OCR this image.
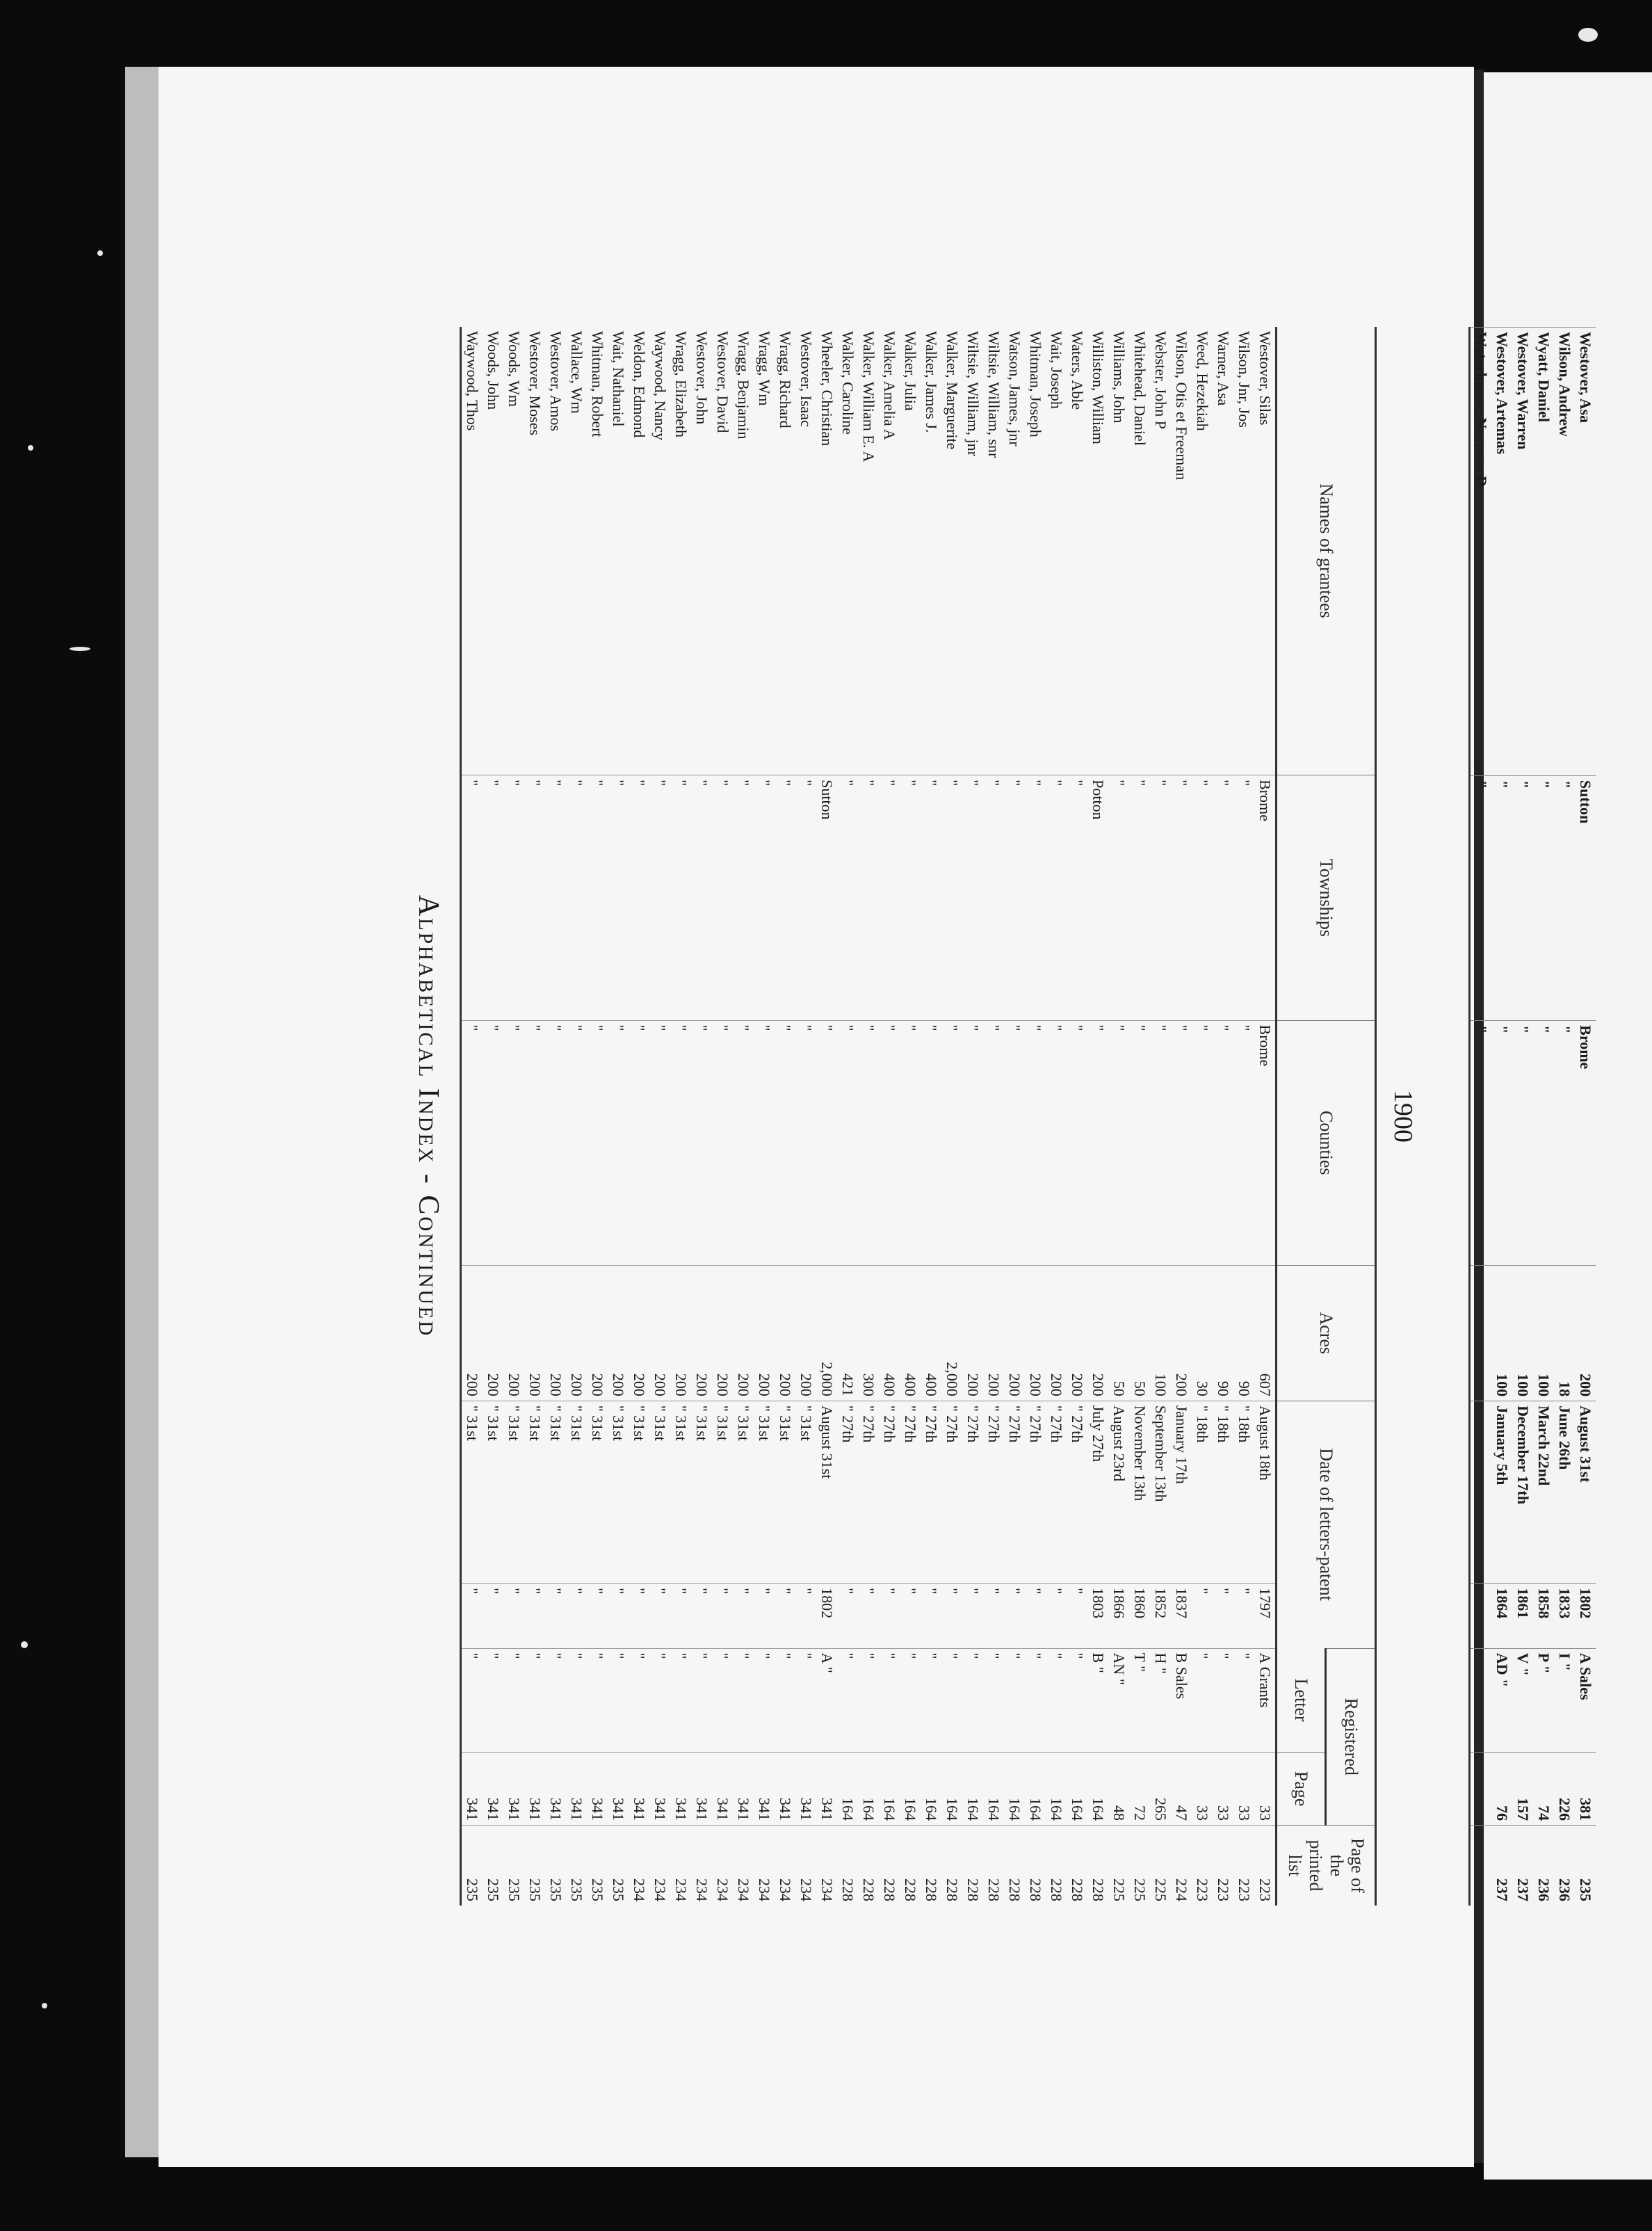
1900
Names of grantees	Townships	Counties	Acres	Date of letters-patent		Registered		Page of the printed list
						Letter	Page	
Westover, Silas	Brome	Brome	607	August 18th	1797	A Grants	33	223
Wilson, Jnr, Jos	"	"	90	" 18th	"	"	33	223
Warner, Asa	"	"	90	" 18th	"	"	33	223
Weed, Hezekiah	"	"	30	" 18th	"	"	33	223
Wilson, Otis et Freeman	"	"	200	January 17th	1837	B Sales	47	224
Webster, John P	"	"	100	September 13th	1852	H "	265	225
Whitehead, Daniel	"	"	50	November 13th	1860	T "	72	225
Williams, John	"	"	50	August 23rd	1866	AN "	48	225
Williston, William	Potton	"	200	July 27th	1803	B "	164	228
Waters, Able	"	"	200	" 27th	"	"	164	228
Wait, Joseph	"	"	200	" 27th	"	"	164	228
Whitman, Joseph	"	"	200	" 27th	"	"	164	228
Watson, James, jnr	"	"	200	" 27th	"	"	164	228
Wiltsie, William, snr	"	"	200	" 27th	"	"	164	228
Wiltsie, William, jnr	"	"	200	" 27th	"	"	164	228
Walker, Marguerite	"	"	2,000	" 27th	"	"	164	228
Walker, James J.	"	"	400	" 27th	"	"	164	228
Walker, Julia	"	"	400	" 27th	"	"	164	228
Walker, Amelia A	"	"	400	" 27th	"	"	164	228
Walker, William E. A	"	"	300	" 27th	"	"	164	228
Walker, Caroline	"	"	421	" 27th	"	"	164	228
Wheeler, Christian	Sutton	"	2,000	August 31st	1802	A "	341	234
Westover, Isaac	"	"	200	" 31st	"	"	341	234
Wragg, Richard	"	"	200	" 31st	"	"	341	234
Wragg, Wm	"	"	200	" 31st	"	"	341	234
Wragg, Benjamin	"	"	200	" 31st	"	"	341	234
Westover, David	"	"	200	" 31st	"	"	341	234
Westover, John	"	"	200	" 31st	"	"	341	234
Wragg, Elizabeth	"	"	200	" 31st	"	"	341	234
Waywood, Nancy	"	"	200	" 31st	"	"	341	234
Weldon, Edmond	"	"	200	" 31st	"	"	341	234
Wait, Nathaniel	"	"	200	" 31st	"	"	341	235
Whitman, Robert	"	"	200	" 31st	"	"	341	235
Wallace, Wm	"	"	200	" 31st	"	"	341	235
Westover, Amos	"	"	200	" 31st	"	"	341	235
Westover, Moses	"	"	200	" 31st	"	"	341	235
Woods, Wm	"	"	200	" 31st	"	"	341	235
Woods, John	"	"	200	" 31st	"	"	341	235
Waywood, Thos	"	"	200	" 31st	"	"	341	235
Alphabetical Index - Continued
Westover, Asa	Sutton	Brome	200	August 31st	1802	A Sales	381	235
Wilson, Andrew	"	"	18	June 26th	1833	I "	226	236
Wyatt, Daniel	"	"	100	March 22nd	1858	P "	74	236
Westover, Warren	"	"	100	December 17th	1861	V "	157	237
Westover, Artemas	"	"	100	January 5th	1864	AD "	76	237
Waterhouse, Norman D	"	"						
